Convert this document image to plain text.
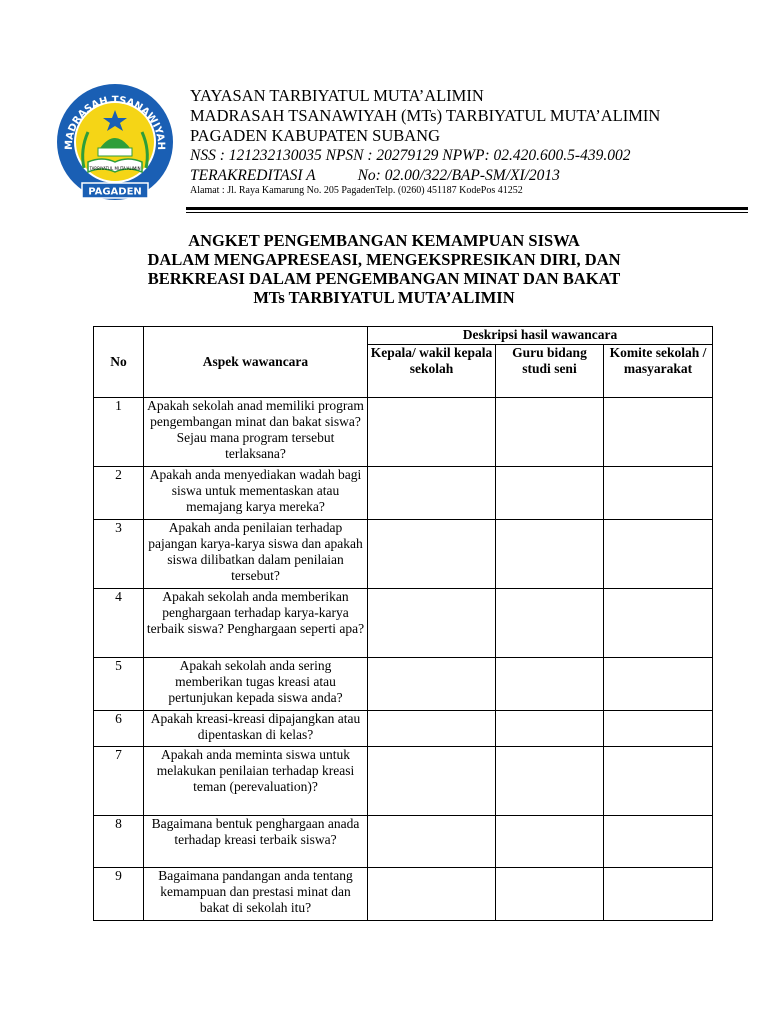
MADRASAH TSANAWIYAH
TARBIYATUL MUTA'ALIMIN
PAGADEN
YAYASAN TARBIYATUL MUTA’ALIMIN
MADRASAH TSANAWIYAH (MTs) TARBIYATUL MUTA’ALIMIN
PAGADEN KABUPATEN SUBANG
NSS : 121232130035 NPSN : 20279129 NPWP: 02.420.600.5-439.002
TERAKREDITASI A	No: 02.00/322/BAP-SM/XI/2013
Alamat : Jl. Raya Kamarung No. 205 PagadenTelp. (0260) 451187 KodePos 41252
ANGKET PENGEMBANGAN KEMAMPUAN SISWA
DALAM MENGAPRESEASI, MENGEKSPRESIKAN DIRI, DAN
BERKREASI DALAM PENGEMBANGAN MINAT DAN BAKAT
MTs TARBIYATUL MUTA’ALIMIN
No	Aspek wawancara	Deskripsi hasil wawancara		
		Kepala/ wakil kepala sekolah	Guru bidang studi seni	Komite sekolah / masyarakat
1	Apakah sekolah anad memiliki program pengembangan minat dan bakat siswa? Sejau mana program tersebut terlaksana?			
2	Apakah anda menyediakan wadah bagi siswa untuk mementaskan atau memajang karya mereka?			
3	Apakah anda penilaian terhadap pajangan karya-karya siswa dan apakah siswa dilibatkan dalam penilaian tersebut?			
4	Apakah sekolah anda memberikan penghargaan terhadap karya-karya terbaik siswa? Penghargaan seperti apa?			
5	Apakah sekolah anda sering memberikan tugas kreasi atau pertunjukan kepada siswa anda?			
6	Apakah kreasi-kreasi dipajangkan atau dipentaskan di kelas?			
7	Apakah anda meminta siswa untuk melakukan penilaian terhadap kreasi teman (perevaluation)?			
8	Bagaimana bentuk penghargaan anada terhadap kreasi terbaik siswa?			
9	Bagaimana pandangan anda tentang kemampuan dan prestasi minat dan bakat di sekolah itu?			
